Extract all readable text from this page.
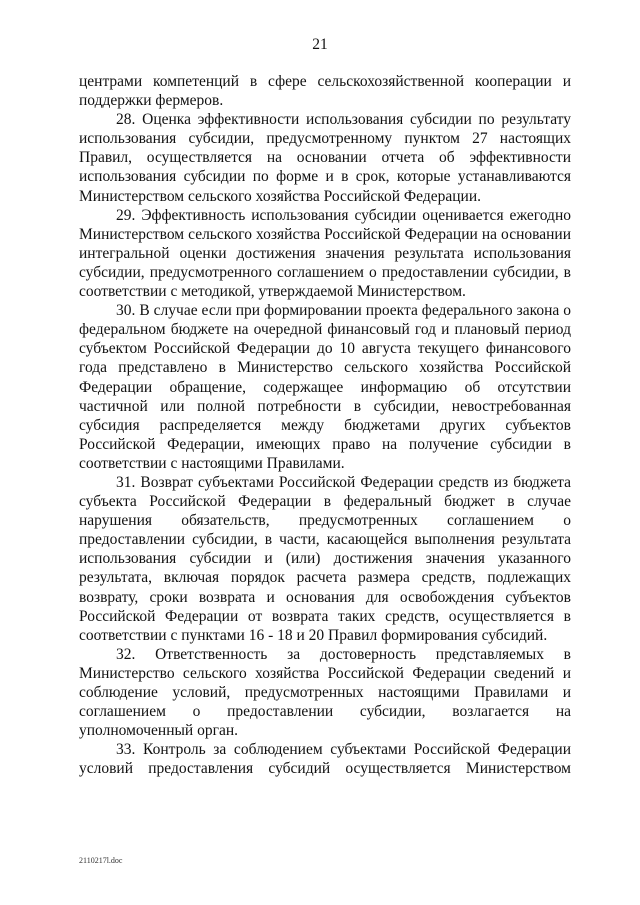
21

центрами компетенций в сфере сельскохозяйственной кооперации и поддержки фермеров.

28. Оценка эффективности использования субсидии по результату использования субсидии, предусмотренному пунктом 27 настоящих Правил, осуществляется на основании отчета об эффективности использования субсидии по форме и в срок, которые устанавливаются Министерством сельского хозяйства Российской Федерации.

29. Эффективность использования субсидии оценивается ежегодно Министерством сельского хозяйства Российской Федерации на основании интегральной оценки достижения значения результата использования субсидии, предусмотренного соглашением о предоставлении субсидии, в соответствии с методикой, утверждаемой Министерством.

30. В случае если при формировании проекта федерального закона о федеральном бюджете на очередной финансовый год и плановый период субъектом Российской Федерации до 10 августа текущего финансового года представлено в Министерство сельского хозяйства Российской Федерации обращение, содержащее информацию об отсутствии частичной или полной потребности в субсидии, невостребованная субсидия распределяется между бюджетами других субъектов Российской Федерации, имеющих право на получение субсидии в соответствии с настоящими Правилами.

31. Возврат субъектами Российской Федерации средств из бюджета субъекта Российской Федерации в федеральный бюджет в случае нарушения обязательств, предусмотренных соглашением о предоставлении субсидии, в части, касающейся выполнения результата использования субсидии и (или) достижения значения указанного результата, включая порядок расчета размера средств, подлежащих возврату, сроки возврата и основания для освобождения субъектов Российской Федерации от возврата таких средств, осуществляется в соответствии с пунктами 16 - 18 и 20 Правил формирования субсидий.

32. Ответственность за достоверность представляемых в Министерство сельского хозяйства Российской Федерации сведений и соблюдение условий, предусмотренных настоящими Правилами и соглашением о предоставлении субсидии, возлагается на уполномоченный орган.

33. Контроль за соблюдением субъектами Российской Федерации условий предоставления субсидий осуществляется Министерством

2110217l.doc
